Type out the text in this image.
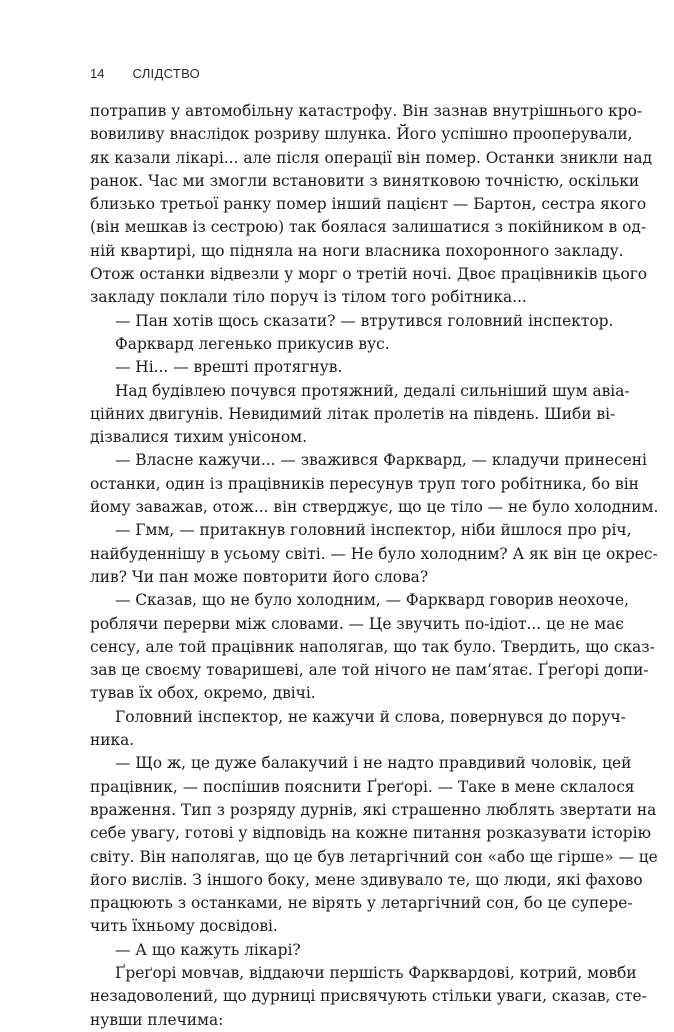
14 СЛІДСТВО

потрапив у автомобільну катастрофу. Він зазнав внутрішнього кро-

вовиливу внаслідок розриву шлунка. Його успішно прооперували,

як казали лікарі... але після операції він помер. Останки зникли над

ранок. Час ми змогли встановити з винятковою точністю, оскільки

близько третьої ранку помер інший пацієнт — Бартон, сестра якого

(він мешкав із сестрою) так боялася залишатися з покійником в од-

ній квартирі, що підняла на ноги власника похоронного закладу.

Отож останки відвезли у морг о третій ночі. Двоє працівників цього

закладу поклали тіло поруч із тілом того робітника...

— Пан хотів щось сказати? — втрутився головний інспектор.

Фарквард легенько прикусив вус.

— Ні... — врешті протягнув.

Над будівлею почувся протяжний, дедалі сильніший шум авіа-

ційних двигунів. Невидимий літак пролетів на південь. Шиби ві-

дізвалися тихим унісоном.

— Власне кажучи... — зважився Фарквард, — кладучи принесені

останки, один із працівників пересунув труп того робітника, бо він

йому заважав, отож... він стверджує, що це тіло — не було холодним.

— Гмм, — притакнув головний інспектор, ніби йшлося про річ,

найбуденнішу в усьому світі. — Не було холодним? А як він це окрес-

лив? Чи пан може повторити його слова?

— Сказав, що не було холодним, — Фарквард говорив неохоче,

роблячи перерви між словами. — Це звучить по-ідіот... це не має

сенсу, але той працівник наполягав, що так було. Твердить, що сказ-

зав це своєму товаришеві, але той нічого не пам’ятає. Ґреґорі допи-

тував їх обох, окремо, двічі.

Головний інспектор, не кажучи й слова, повернувся до поруч-

ника.

— Що ж, це дуже балакучий і не надто правдивий чоловік, цей

працівник, — поспішив пояснити Ґреґорі. — Таке в мене склалося

враження. Тип з розряду дурнів, які страшенно люблять звертати на

себе увагу, готові у відповідь на кожне питання розказувати історію

світу. Він наполягав, що це був летаргічний сон «або ще гірше» — це

його вислів. З іншого боку, мене здивувало те, що люди, які фахово

працюють з останками, не вірять у летаргічний сон, бо це супере-

чить їхньому досвідові.

— А що кажуть лікарі?

Ґреґорі мовчав, віддаючи першість Фарквардові, котрий, мовби

незадоволений, що дурниці присвячують стільки уваги, сказав, сте-

нувши плечима:
